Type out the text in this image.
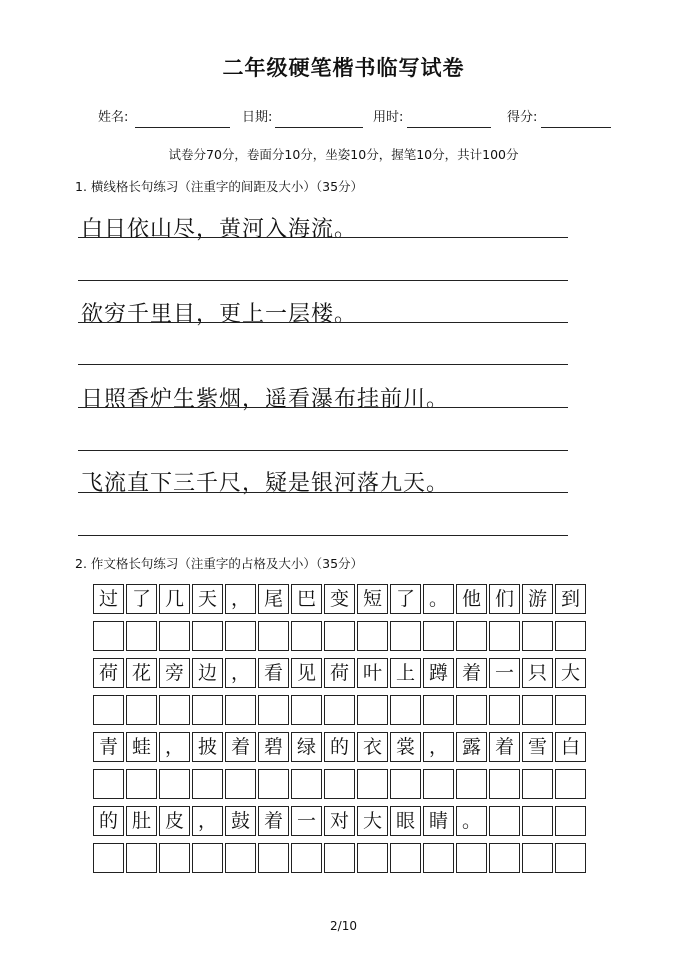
二年级硬笔楷书临写试卷
姓名:	日期:	用时:	得分:
试卷分70分，卷面分10分，坐姿10分，握笔10分，共计100分
1. 横线格长句练习（注重字的间距及大小）（35分）
白日依山尽，黄河入海流。
欲穷千里目，更上一层楼。
日照香炉生紫烟，遥看瀑布挂前川。
飞流直下三千尺，疑是银河落九天。
2. 作文格长句练习（注重字的占格及大小）（35分）
过 了 几 天 ， 尾 巴 变 短 了 。 他 们 游 到
荷 花 旁 边 ， 看 见 荷 叶 上 蹲 着 一 只 大
青 蛙 ， 披 着 碧 绿 的 衣 裳 ， 露 着 雪 白
的 肚 皮 ， 鼓 着 一 对 大 眼 睛 。
2/10
